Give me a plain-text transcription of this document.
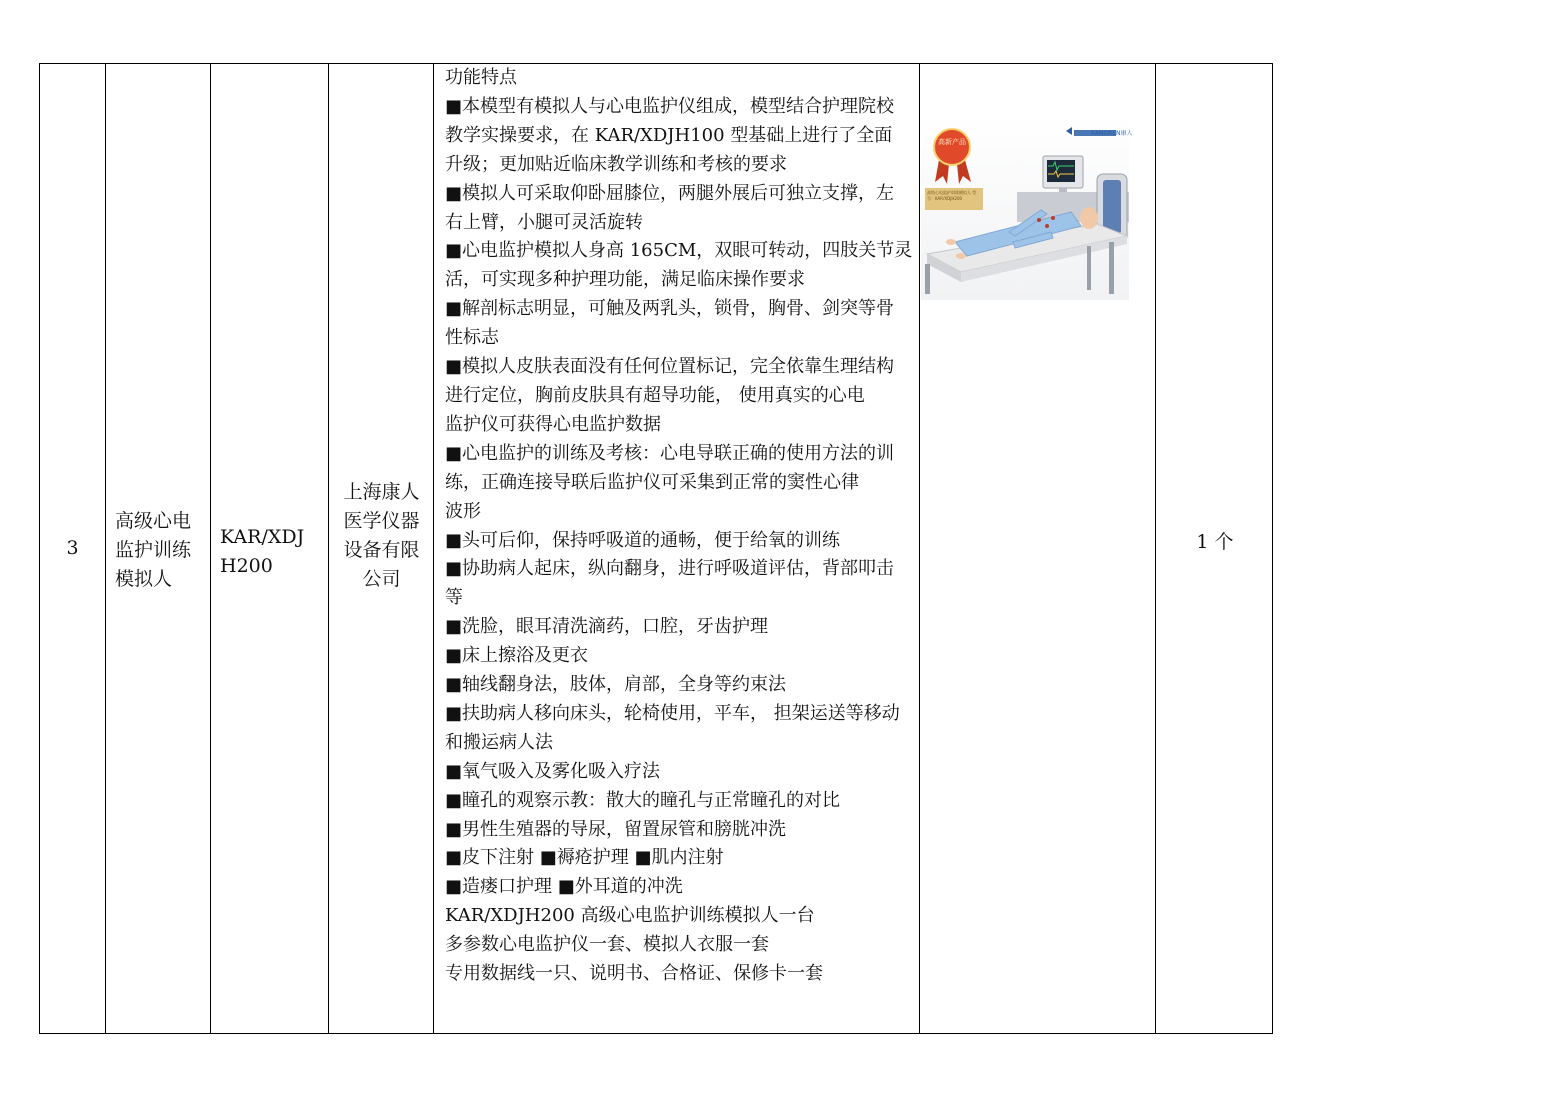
3
高级心电
监护训练
模拟人
KAR/XDJH200
上海康人
医学仪器
设备有限
公司
功能特点
■本模型有模拟人与心电监护仪组成，模型结合护理院校
教学实操要求，在 KAR/XDJH100 型基础上进行了全面
升级；更加贴近临床教学训练和考核的要求
■模拟人可采取仰卧屈膝位，两腿外展后可独立支撑，左
右上臂，小腿可灵活旋转
■心电监护模拟人身高 165CM，双眼可转动，四肢关节灵
活，可实现多种护理功能，满足临床操作要求
■解剖标志明显，可触及两乳头，锁骨，胸骨、剑突等骨
性标志
■模拟人皮肤表面没有任何位置标记，完全依靠生理结构
进行定位，胸前皮肤具有超导功能， 使用真实的心电
监护仪可获得心电监护数据
■心电监护的训练及考核：心电导联正确的使用方法的训
练，正确连接导联后监护仪可采集到正常的窦性心律
波形
■头可后仰，保持呼吸道的通畅，便于给氧的训练
■协助病人起床，纵向翻身，进行呼吸道评估，背部叩击
等
■洗脸，眼耳清洗滴药，口腔，牙齿护理
■床上擦浴及更衣
■轴线翻身法，肢体，肩部，全身等约束法
■扶助病人移向床头，轮椅使用，平车， 担架运送等移动
和搬运病人法
■氧气吸入及雾化吸入疗法
■瞳孔的观察示教：散大的瞳孔与正常瞳孔的对比
■男性生殖器的导尿，留置尿管和膀胱冲洗
■皮下注射 ■褥疮护理 ■肌内注射
■造瘘口护理 ■外耳道的冲洗
KAR/XDJH200 高级心电监护训练模拟人一台
多参数心电监护仪一套、模拟人衣服一套
专用数据线一只、说明书、合格证、保修卡一套
KANGREN康人
高新产品
高级心电监护训练模拟人 型号：KAR/XDJH200
1 个
